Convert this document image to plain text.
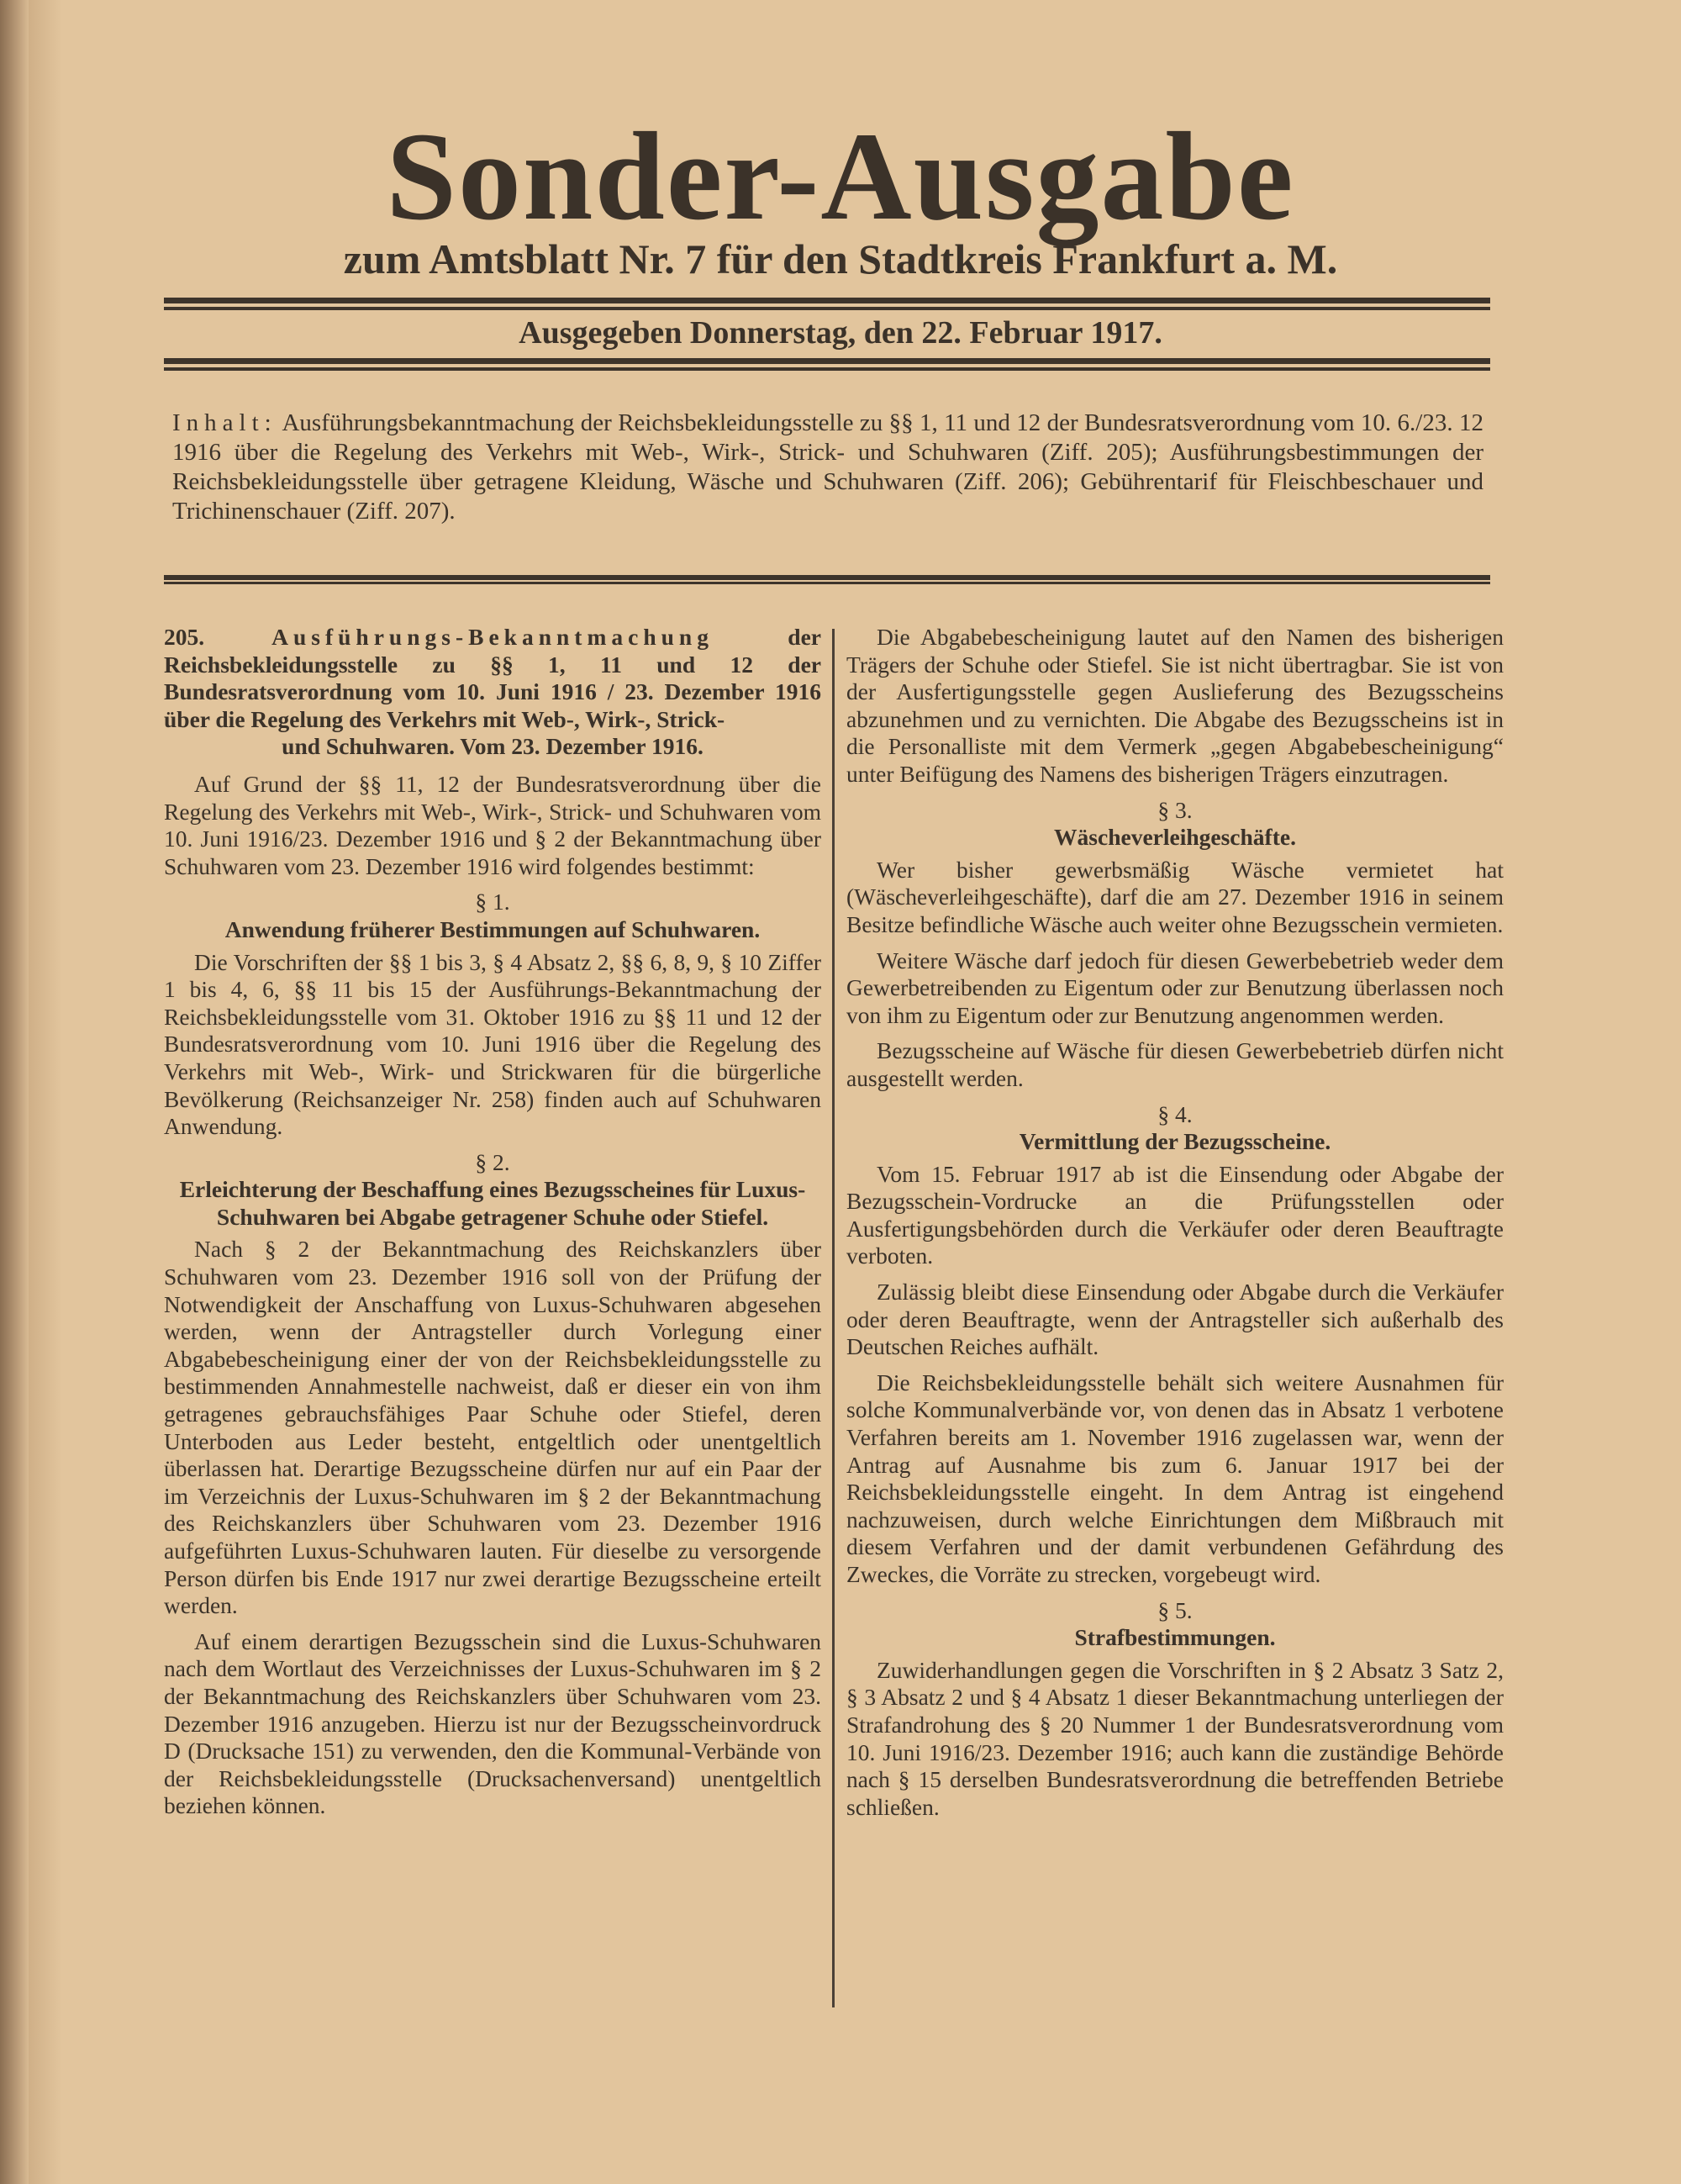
Sonder-Ausgabe
zum Amtsblatt Nr. 7 für den Stadtkreis Frankfurt a. M.
Ausgegeben Donnerstag, den 22. Februar 1917.
Inhalt: Ausführungsbekanntmachung der Reichsbekleidungsstelle zu §§ 1, 11 und 12 der Bundesratsverordnung vom 10. 6./23. 12 1916 über die Regelung des Verkehrs mit Web-, Wirk-, Strick- und Schuhwaren (Ziff. 205); Ausführungsbestimmungen der Reichsbekleidungsstelle über getragene Kleidung, Wäsche und Schuhwaren (Ziff. 206); Gebührentarif für Fleischbeschauer und Trichinenschauer (Ziff. 207).
205.	Ausführungs-Bekanntmachung	der Reichsbekleidungsstelle zu §§ 1, 11 und 12 der Bundesratsverordnung vom 10. Juni 1916 / 23. Dezember 1916 über die Regelung des Verkehrs mit Web-, Wirk-, Strick-
und Schuhwaren. Vom 23. Dezember 1916.

Auf Grund der §§ 11, 12 der Bundesratsverordnung über die Regelung des Verkehrs mit Web-, Wirk-, Strick- und Schuhwaren vom 10. Juni 1916/23. Dezember 1916 und § 2 der Bekanntmachung über Schuhwaren vom 23. Dezember 1916 wird folgendes bestimmt:

§ 1.
Anwendung früherer Bestimmungen auf Schuhwaren.

Die Vorschriften der §§ 1 bis 3, § 4 Absatz 2, §§ 6, 8, 9, § 10 Ziffer 1 bis 4, 6, §§ 11 bis 15 der Ausführungs-Bekanntmachung der Reichsbekleidungsstelle vom 31. Oktober 1916 zu §§ 11 und 12 der Bundesratsverordnung vom 10. Juni 1916 über die Regelung des Verkehrs mit Web-, Wirk- und Strickwaren für die bürgerliche Bevölkerung (Reichsanzeiger Nr. 258) finden auch auf Schuhwaren Anwendung.

§ 2.
Erleichterung der Beschaffung eines Bezugsscheines für Luxus-Schuhwaren bei Abgabe getragener Schuhe oder Stiefel.

Nach § 2 der Bekanntmachung des Reichskanzlers über Schuhwaren vom 23. Dezember 1916 soll von der Prüfung der Notwendigkeit der Anschaffung von Luxus-Schuhwaren abgesehen werden, wenn der Antragsteller durch Vorlegung einer Abgabebescheinigung einer der von der Reichsbekleidungsstelle zu bestimmenden Annahmestelle nachweist, daß er dieser ein von ihm getragenes gebrauchsfähiges Paar Schuhe oder Stiefel, deren Unterboden aus Leder besteht, entgeltlich oder unentgeltlich überlassen hat. Derartige Bezugsscheine dürfen nur auf ein Paar der im Verzeichnis der Luxus-Schuhwaren im § 2 der Bekanntmachung des Reichskanzlers über Schuhwaren vom 23. Dezember 1916 aufgeführten Luxus-Schuhwaren lauten. Für dieselbe zu versorgende Person dürfen bis Ende 1917 nur zwei derartige Bezugsscheine erteilt werden.

Auf einem derartigen Bezugsschein sind die Luxus-Schuhwaren nach dem Wortlaut des Verzeichnisses der Luxus-Schuhwaren im § 2 der Bekanntmachung des Reichskanzlers über Schuhwaren vom 23. Dezember 1916 anzugeben. Hierzu ist nur der Bezugsscheinvordruck D (Drucksache 151) zu verwenden, den die Kommunal-Verbände von der Reichsbekleidungsstelle (Drucksachenversand) unentgeltlich beziehen können.

Die Abgabebescheinigung lautet auf den Namen des bisherigen Trägers der Schuhe oder Stiefel. Sie ist nicht übertragbar. Sie ist von der Ausfertigungsstelle gegen Auslieferung des Bezugsscheins abzunehmen und zu vernichten. Die Abgabe des Bezugsscheins ist in die Personalliste mit dem Vermerk „gegen Abgabebescheinigung“ unter Beifügung des Namens des bisherigen Trägers einzutragen.

§ 3.
Wäscheverleihgeschäfte.

Wer bisher gewerbsmäßig Wäsche vermietet hat (Wäscheverleihgeschäfte), darf die am 27. Dezember 1916 in seinem Besitze befindliche Wäsche auch weiter ohne Bezugsschein vermieten.

Weitere Wäsche darf jedoch für diesen Gewerbebetrieb weder dem Gewerbetreibenden zu Eigentum oder zur Benutzung überlassen noch von ihm zu Eigentum oder zur Benutzung angenommen werden.

Bezugsscheine auf Wäsche für diesen Gewerbebetrieb dürfen nicht ausgestellt werden.

§ 4.
Vermittlung der Bezugsscheine.

Vom 15. Februar 1917 ab ist die Einsendung oder Abgabe der Bezugsschein-Vordrucke an die Prüfungsstellen oder Ausfertigungsbehörden durch die Verkäufer oder deren Beauftragte verboten.

Zulässig bleibt diese Einsendung oder Abgabe durch die Verkäufer oder deren Beauftragte, wenn der Antragsteller sich außerhalb des Deutschen Reiches aufhält.

Die Reichsbekleidungsstelle behält sich weitere Ausnahmen für solche Kommunalverbände vor, von denen das in Absatz 1 verbotene Verfahren bereits am 1. November 1916 zugelassen war, wenn der Antrag auf Ausnahme bis zum 6. Januar 1917 bei der Reichsbekleidungsstelle eingeht. In dem Antrag ist eingehend nachzuweisen, durch welche Einrichtungen dem Mißbrauch mit diesem Verfahren und der damit verbundenen Gefährdung des Zweckes, die Vorräte zu strecken, vorgebeugt wird.

§ 5.
Strafbestimmungen.

Zuwiderhandlungen gegen die Vorschriften in § 2 Absatz 3 Satz 2, § 3 Absatz 2 und § 4 Absatz 1 dieser Bekanntmachung unterliegen der Strafandrohung des § 20 Nummer 1 der Bundesratsverordnung vom 10. Juni 1916/23. Dezember 1916; auch kann die zuständige Behörde nach § 15 derselben Bundesratsverordnung die betreffenden Betriebe schließen.
